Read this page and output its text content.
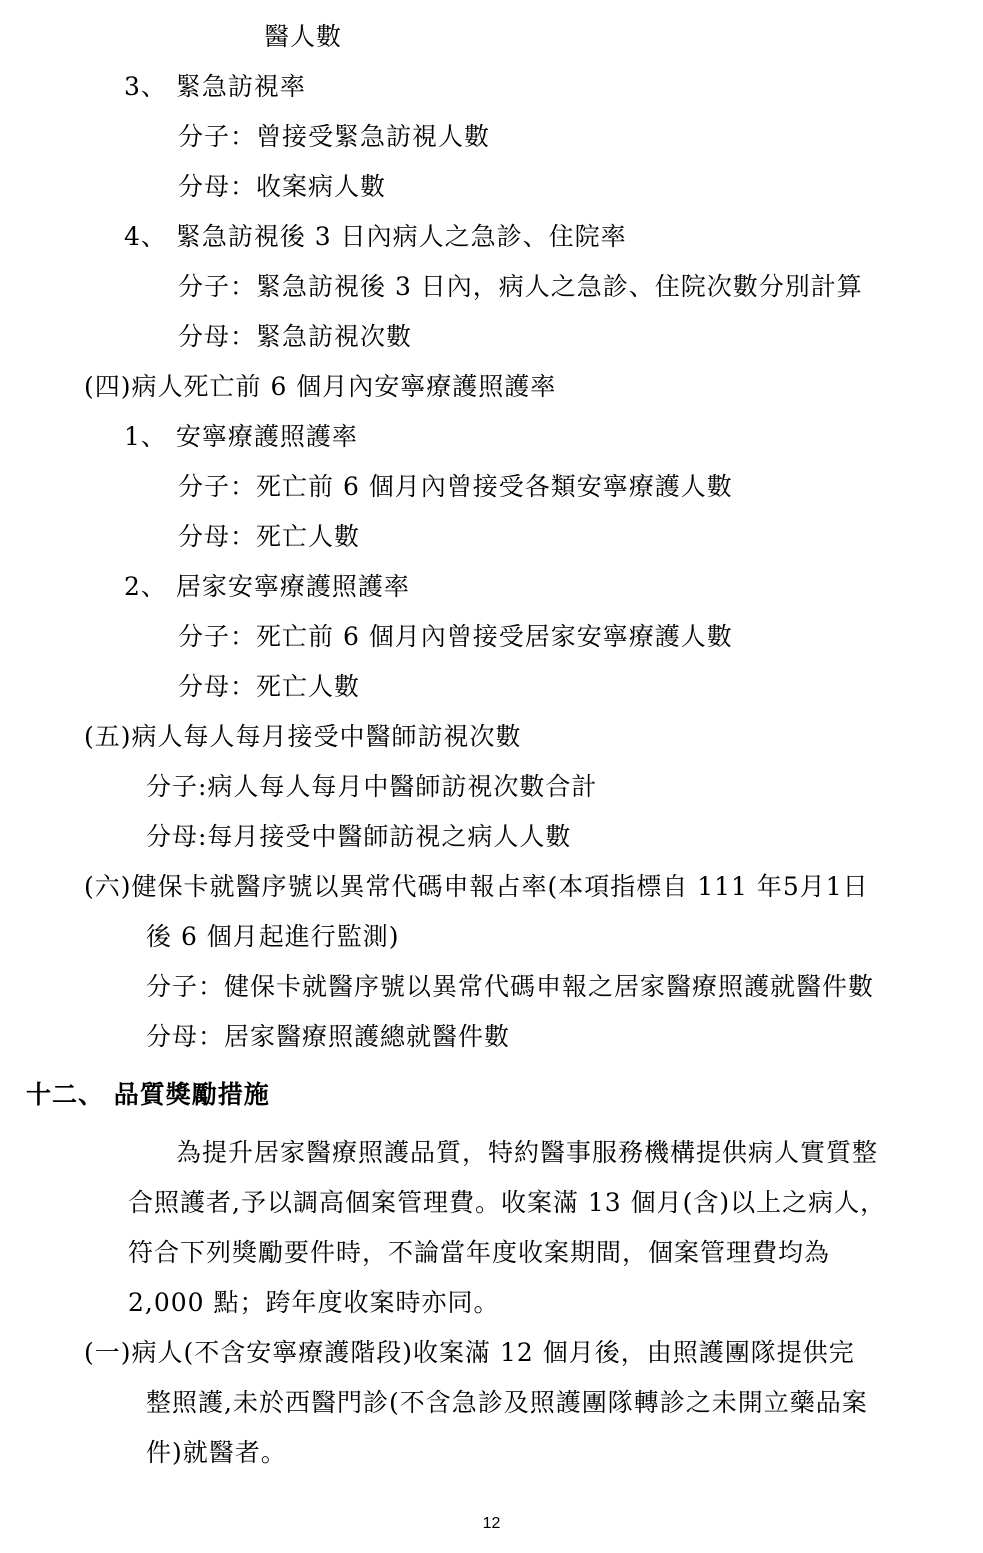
醫人數
3、 緊急訪視率
分子：曾接受緊急訪視人數
分母：收案病人數
4、 緊急訪視後 3 日內病人之急診、住院率
分子：緊急訪視後 3 日內，病人之急診、住院次數分別計算
分母：緊急訪視次數
(四)病人死亡前 6 個月內安寧療護照護率
1、 安寧療護照護率
分子：死亡前 6 個月內曾接受各類安寧療護人數
分母：死亡人數
2、 居家安寧療護照護率
分子：死亡前 6 個月內曾接受居家安寧療護人數
分母：死亡人數
(五)病人每人每月接受中醫師訪視次數
分子:病人每人每月中醫師訪視次數合計
分母:每月接受中醫師訪視之病人人數
(六)健保卡就醫序號以異常代碼申報占率(本項指標自 111 年5月1日
後 6 個月起進行監測)
分子：健保卡就醫序號以異常代碼申報之居家醫療照護就醫件數
分母：居家醫療照護總就醫件數
十二、 品質獎勵措施
為提升居家醫療照護品質，特約醫事服務機構提供病人實質整
合照護者,予以調高個案管理費。收案滿 13 個月(含)以上之病人，
符合下列獎勵要件時，不論當年度收案期間，個案管理費均為
2,000 點；跨年度收案時亦同。
(一)病人(不含安寧療護階段)收案滿 12 個月後，由照護團隊提供完
整照護,未於西醫門診(不含急診及照護團隊轉診之未開立藥品案
件)就醫者。
12
